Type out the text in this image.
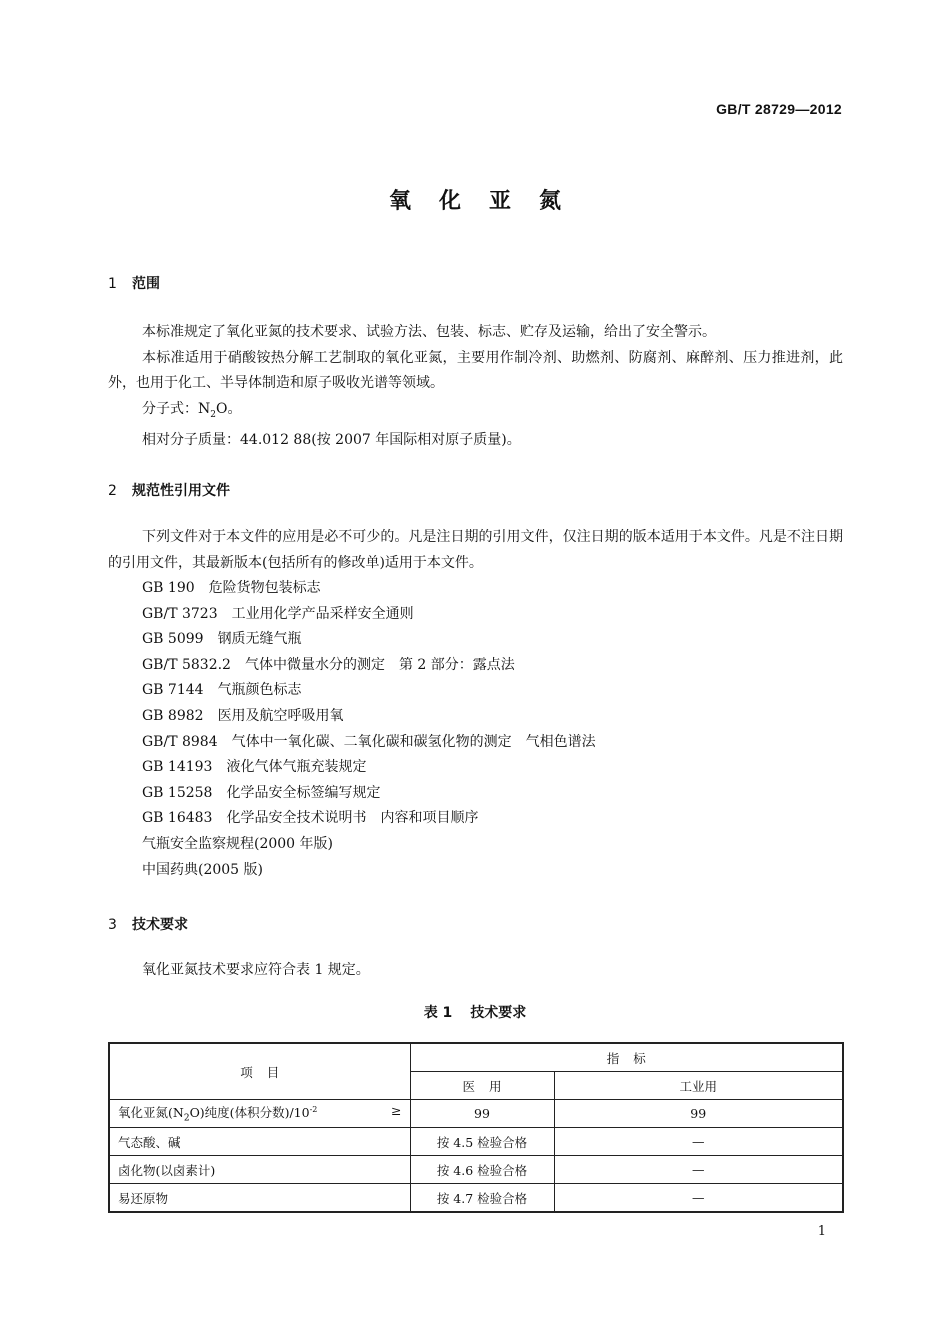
GB/T 28729—2012
氧化亚氮
1 范围

本标准规定了氧化亚氮的技术要求、试验方法、包装、标志、贮存及运输，给出了安全警示。

本标准适用于硝酸铵热分解工艺制取的氧化亚氮，主要用作制冷剂、助燃剂、防腐剂、麻醉剂、压力推进剂，此外，也用于化工、半导体制造和原子吸收光谱等领域。

分子式：$N_2O$。

相对分子质量：44.012 88(按 2007 年国际相对原子质量)。

2 规范性引用文件

下列文件对于本文件的应用是必不可少的。凡是注日期的引用文件，仅注日期的版本适用于本文件。凡是不注日期的引用文件，其最新版本(包括所有的修改单)适用于本文件。

GB 190 危险货物包装标志
GB/T 3723 工业用化学产品采样安全通则
GB 5099 钢质无缝气瓶
GB/T 5832.2 气体中微量水分的测定 第 2 部分：露点法
GB 7144 气瓶颜色标志
GB 8982 医用及航空呼吸用氧
GB/T 8984 气体中一氧化碳、二氧化碳和碳氢化物的测定 气相色谱法
GB 14193 液化气体气瓶充装规定
GB 15258 化学品安全标签编写规定
GB 16483 化学品安全技术说明书 内容和项目顺序
气瓶安全监察规程(2000 年版)
中国药典(2005 版)
3 技术要求

氧化亚氮技术要求应符合表 1 规定。

表 1 技术要求
项目	指标	
	医用	工业用
氧化亚氮$(N_2O)$纯度(体积分数)$/10^{-2}$ ≥	99	99
气态酸、碱	按 4.5 检验合格	—
卤化物(以卤素计)	按 4.6 检验合格	—
易还原物	按 4.7 检验合格	—
1
